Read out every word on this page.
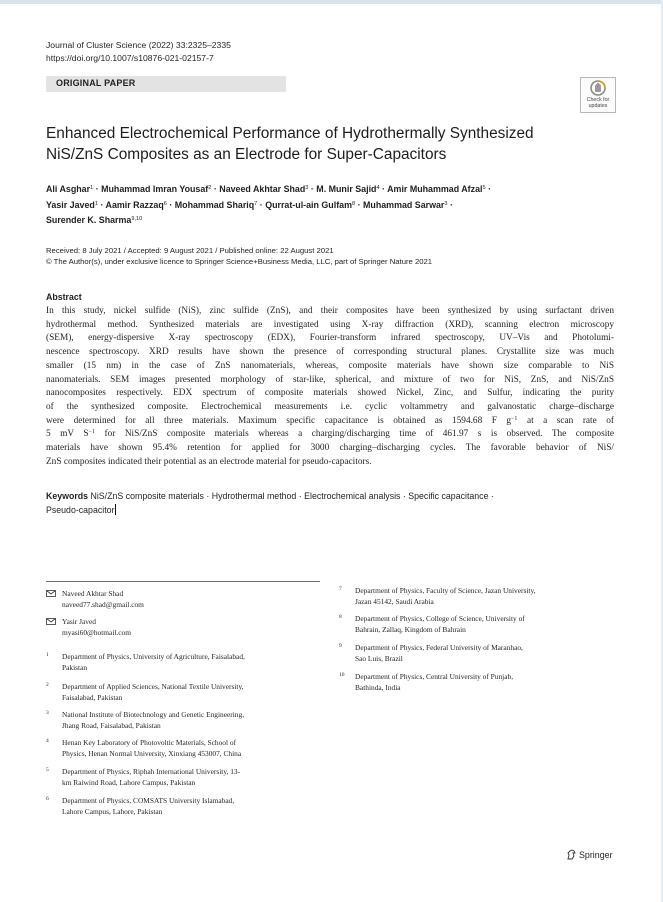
Journal of Cluster Science (2022) 33:2325–2335
https://doi.org/10.1007/s10876-021-02157-7
ORIGINAL PAPER
Check for
updates
Enhanced Electrochemical Performance of Hydrothermally Synthesized
NiS/ZnS Composites as an Electrode for Super-Capacitors
Ali Asghar$^1$ · Muhammad Imran Yousaf$^2$ · Naveed Akhtar Shad$^3$ · M. Munir Sajid$^4$ · Amir Muhammad Afzal$^5$ ·
Yasir Javed$^1$ · Aamir Razzaq$^6$ · Mohammad Shariq$^7$ · Qurrat-ul-ain Gulfam$^8$ · Muhammad Sarwar$^3$ ·
Surender K. Sharma$^{9,10}$
Received: 8 July 2021 / Accepted: 9 August 2021 / Published online: 22 August 2021
© The Author(s), under exclusive licence to Springer Science+Business Media, LLC, part of Springer Nature 2021
Abstract
In this study, nickel sulfide (NiS), zinc sulfide (ZnS), and their composites have been synthesized by using surfactant driven
hydrothermal method. Synthesized materials are investigated using X-ray diffraction (XRD), scanning electron microscopy
(SEM), energy-dispersive X-ray spectroscopy (EDX), Fourier-transform infrared spectroscopy, UV–Vis and Photolumi-
nescence spectroscopy. XRD results have shown the presence of corresponding structural planes. Crystallite size was much
smaller (15 nm) in the case of ZnS nanomaterials, whereas, composite materials have shown size comparable to NiS
nanomaterials. SEM images presented morphology of star-like, spherical, and mixture of two for NiS, ZnS, and NiS/ZnS
nanocomposites respectively. EDX spectrum of composite materials showed Nickel, Zinc, and Sulfur, indicating the purity
of the synthesized composite. Electrochemical measurements i.e. cyclic voltammetry and galvanostatic charge–discharge
were determined for all three materials. Maximum specific capacitance is obtained as 1594.68 F $g^{-1}$ at a scan rate of
5 mV $S^{-1}$ for NiS/ZnS composite materials whereas a charging/discharging time of 461.97 s is observed. The composite
materials have shown 95.4% retention for applied for 3000 charging–discharging cycles. The favorable behavior of NiS/
ZnS composites indicated their potential as an electrode material for pseudo-capacitors.
Keywords NiS/ZnS composite materials · Hydrothermal method · Electrochemical analysis · Specific capacitance ·
Pseudo-capacitor
Naveed Akhtar Shad
naveed77.shad@gmail.com
Yasir Javed
myasi60@hotmail.com
1 Department of Physics, University of Agriculture, Faisalabad,
Pakistan
2 Department of Applied Sciences, National Textile University,
Faisalabad, Pakistan
3 National Institute of Biotechnology and Genetic Engineering,
Jhang Road, Faisalabad, Pakistan
4 Henan Key Laboratory of Photovoltic Materials, School of
Physics, Henan Normal University, Xinxiang 453007, China
5 Department of Physics, Riphah International University, 13-
km Raiwind Road, Lahore Campus, Pakistan
6 Department of Physics, COMSATS University Islamabad,
Lahore Campus, Lahore, Pakistan
7 Department of Physics, Faculty of Science, Jazan University,
Jazan 45142, Saudi Arabia
8 Department of Physics, College of Science, University of
Bahrain, Zallaq, Kingdom of Bahrain
9 Department of Physics, Federal University of Maranhao,
Sao Luis, Brazil
10 Department of Physics, Central University of Punjab,
Bathinda, India
Springer
